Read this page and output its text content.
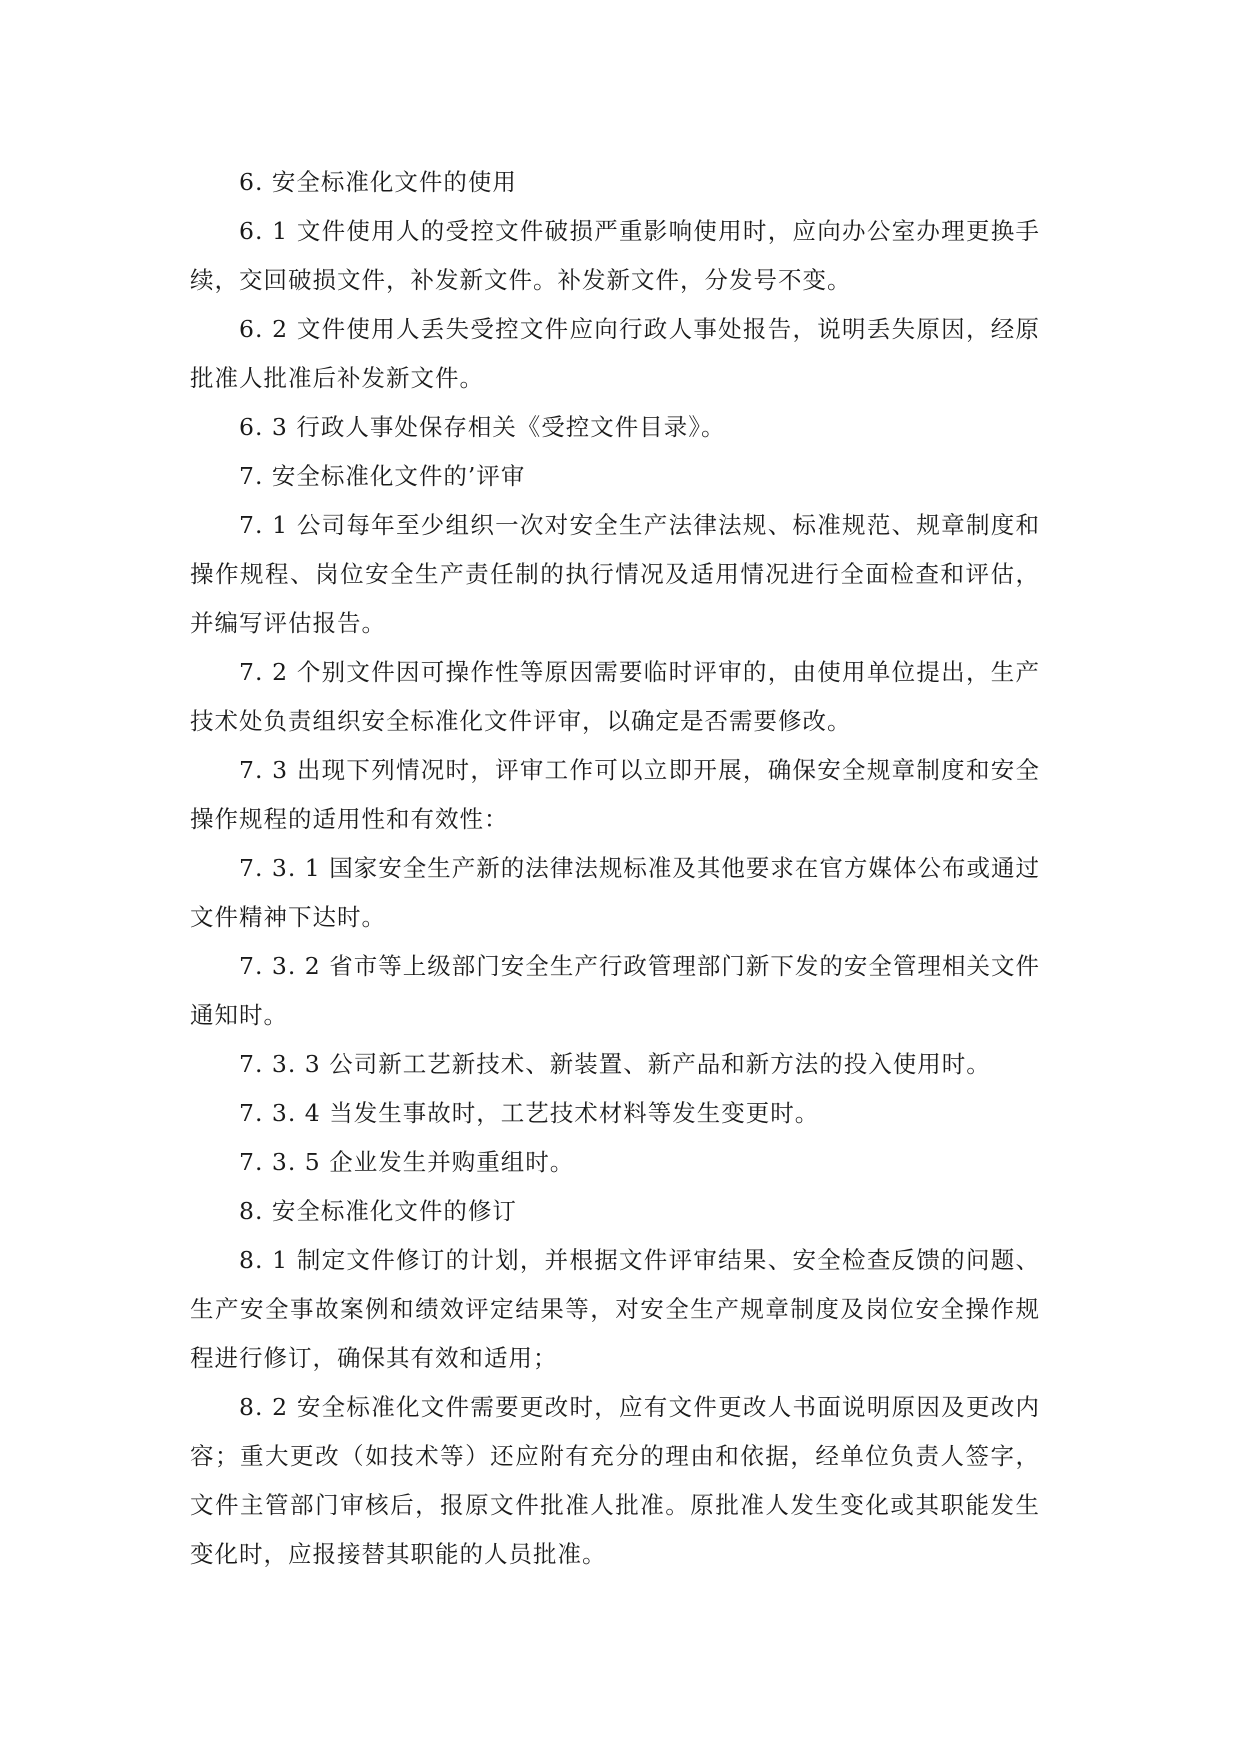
6. 安全标准化文件的使用

6. 1 文件使用人的受控文件破损严重影响使用时，应向办公室办理更换手续，交回破损文件，补发新文件。补发新文件，分发号不变。

6. 2 文件使用人丢失受控文件应向行政人事处报告，说明丢失原因，经原批准人批准后补发新文件。

6. 3 行政人事处保存相关《受控文件目录》。

7. 安全标准化文件的’评审

7. 1 公司每年至少组织一次对安全生产法律法规、标准规范、规章制度和操作规程、岗位安全生产责任制的执行情况及适用情况进行全面检查和评估，并编写评估报告。

7. 2 个别文件因可操作性等原因需要临时评审的，由使用单位提出，生产技术处负责组织安全标准化文件评审，以确定是否需要修改。

7. 3 出现下列情况时，评审工作可以立即开展，确保安全规章制度和安全操作规程的适用性和有效性：

7. 3. 1 国家安全生产新的法律法规标准及其他要求在官方媒体公布或通过文件精神下达时。

7. 3. 2 省市等上级部门安全生产行政管理部门新下发的安全管理相关文件通知时。

7. 3. 3 公司新工艺新技术、新装置、新产品和新方法的投入使用时。

7. 3. 4 当发生事故时，工艺技术材料等发生变更时。

7. 3. 5 企业发生并购重组时。

8. 安全标准化文件的修订

8. 1 制定文件修订的计划，并根据文件评审结果、安全检查反馈的问题、生产安全事故案例和绩效评定结果等，对安全生产规章制度及岗位安全操作规程进行修订，确保其有效和适用；

8. 2 安全标准化文件需要更改时，应有文件更改人书面说明原因及更改内容；重大更改（如技术等）还应附有充分的理由和依据，经单位负责人签字，文件主管部门审核后，报原文件批准人批准。原批准人发生变化或其职能发生变化时，应报接替其职能的人员批准。
